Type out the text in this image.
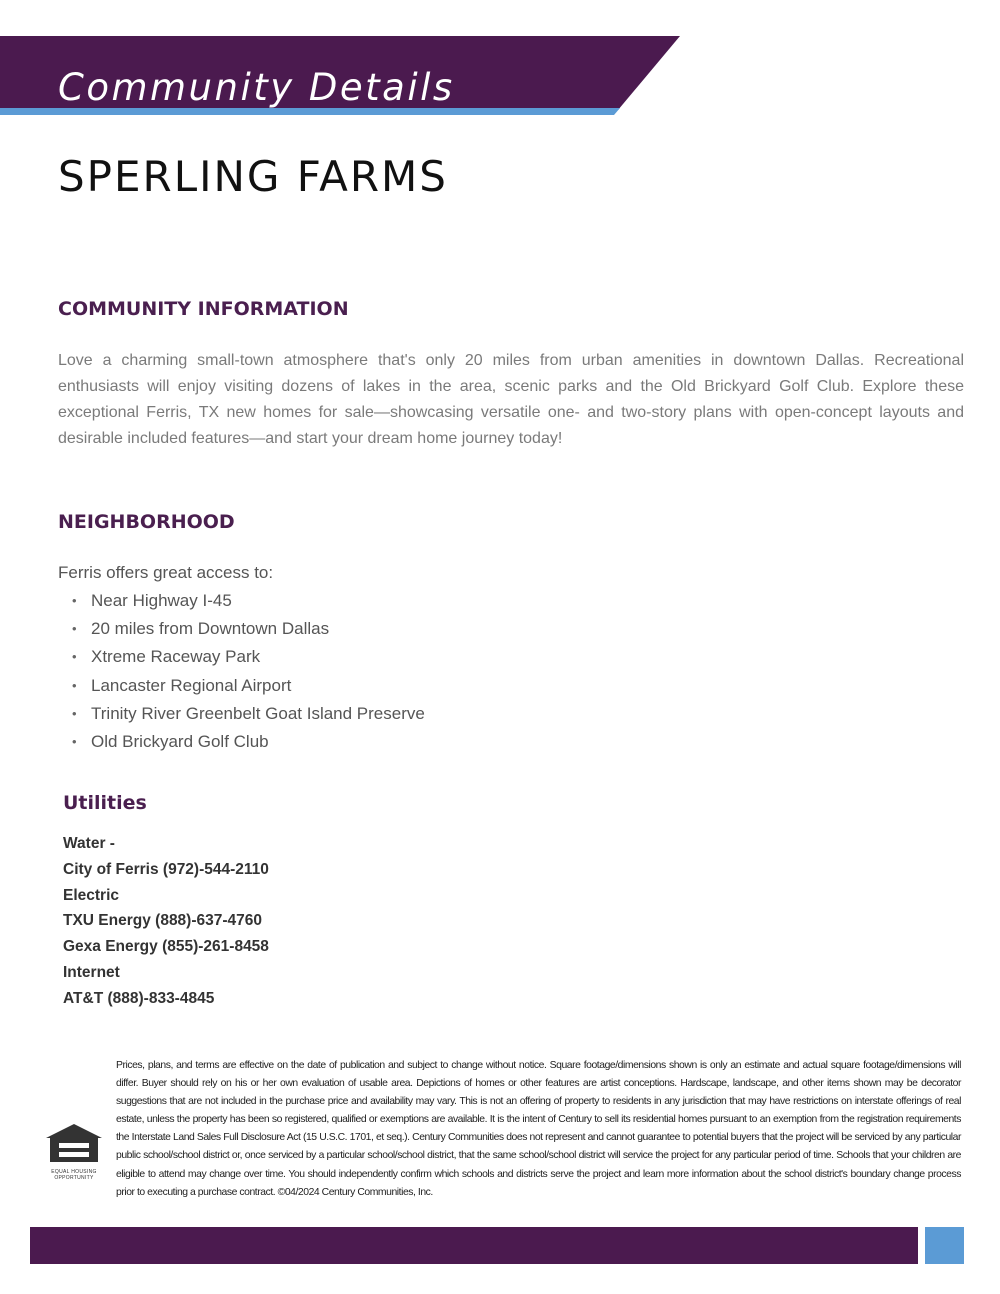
Community Details
SPERLING FARMS
COMMUNITY INFORMATION

Love a charming small-town atmosphere that's only 20 miles from urban amenities in downtown Dallas. Recreational enthusiasts will enjoy visiting dozens of lakes in the area, scenic parks and the Old Brickyard Golf Club. Explore these exceptional Ferris, TX new homes for sale—showcasing versatile one- and two-story plans with open-concept layouts and desirable included features—and start your dream home journey today!

NEIGHBORHOOD
Ferris offers great access to:
• Near Highway I-45
• 20 miles from Downtown Dallas
• Xtreme Raceway Park
• Lancaster Regional Airport
• Trinity River Greenbelt Goat Island Preserve
• Old Brickyard Golf Club
Utilities
Water -
City of Ferris (972)-544-2110
Electric
TXU Energy (888)-637-4760
Gexa Energy (855)-261-8458
Internet
AT&T (888)-833-4845
EQUAL HOUSING OPPORTUNITY

Prices, plans, and terms are effective on the date of publication and subject to change without notice. Square footage/dimensions shown is only an estimate and actual square footage/dimensions will differ. Buyer should rely on his or her own evaluation of usable area. Depictions of homes or other features are artist conceptions. Hardscape, landscape, and other items shown may be decorator suggestions that are not included in the purchase price and availability may vary. This is not an offering of property to residents in any jurisdiction that may have restrictions on interstate offerings of real estate, unless the property has been so registered, qualified or exemptions are available. It is the intent of Century to sell its residential homes pursuant to an exemption from the registration requirements the Interstate Land Sales Full Disclosure Act (15 U.S.C. 1701, et seq.). Century Communities does not represent and cannot guarantee to potential buyers that the project will be serviced by any particular public school/school district or, once serviced by a particular school/school district, that the same school/school district will service the project for any particular period of time. Schools that your children are eligible to attend may change over time. You should independently confirm which schools and districts serve the project and learn more information about the school district's boundary change process prior to executing a purchase contract. ©04/2024 Century Communities, Inc.
